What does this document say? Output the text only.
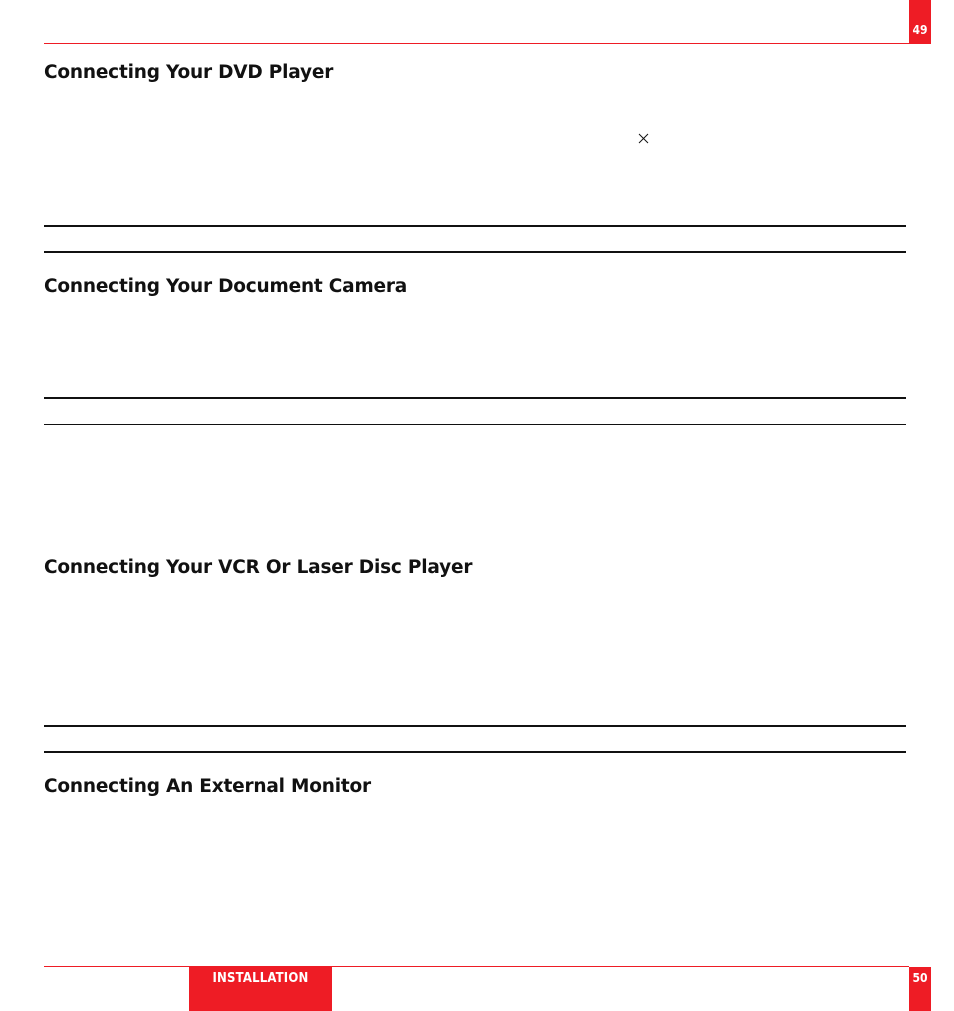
49
Connecting Your DVD Player
Connecting Your Document Camera
Connecting Your VCR Or Laser Disc Player
Connecting An External Monitor
INSTALLATION	50
